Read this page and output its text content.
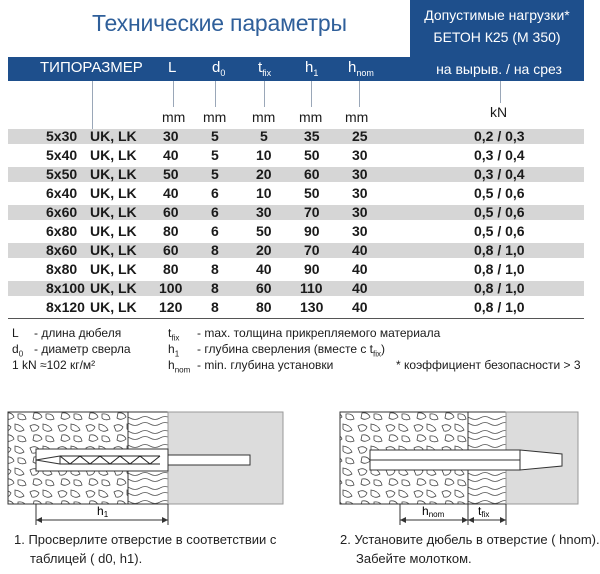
Технические параметры	Допустимые нагрузки*
БЕТОН К25 (М 350)
ТИПОРАЗМЕР L $d_0$ $t_{fix}$ $h_1$ $h_{nom}$	на вырыв. / на срез
mm mm mm mm mm	kN
5x30 UK, LK 30 5	5	35 25	0,2 / 0,3
5x40 UK, LK 40 5	10 50 30	0,3 / 0,4
5x50 UK, LK 50 5	20 60 30	0,3 / 0,4
6x40 UK, LK 40 6	10 50 30	0,5 / 0,6
6x60 UK, LK 60 6	30 70 30	0,5 / 0,6
6x80 UK, LK 80 6	50 90 30	0,5 / 0,6
8x60 UK, LK 60 8	20 70 40	0,8 / 1,0
8x80 UK, LK 80 8	40 90 40	0,8 / 1,0
8x100 UK, LK 100 8	60 110 40	0,8 / 1,0
8x120 UK, LK 120 8	80 130 40	0,8 / 1,0
L - длина дюбеля
$d_0$ - диаметр сверла
1 kN ≈102 кг/м²
$t_{fix}$ - max. толщина прикрепляемого материала
$h_1$ - глубина сверления (вместе с $t_{fix}$)
$h_{nom}$ - min. глубина установки	* коэффициент безопасности > 3
h1	hnom	tfix
1. Просверлите отверстие в соответствии с
таблицей ( d0, h1).
2. Установите дюбель в отверстие ( hnom).
Забейте молотком.
